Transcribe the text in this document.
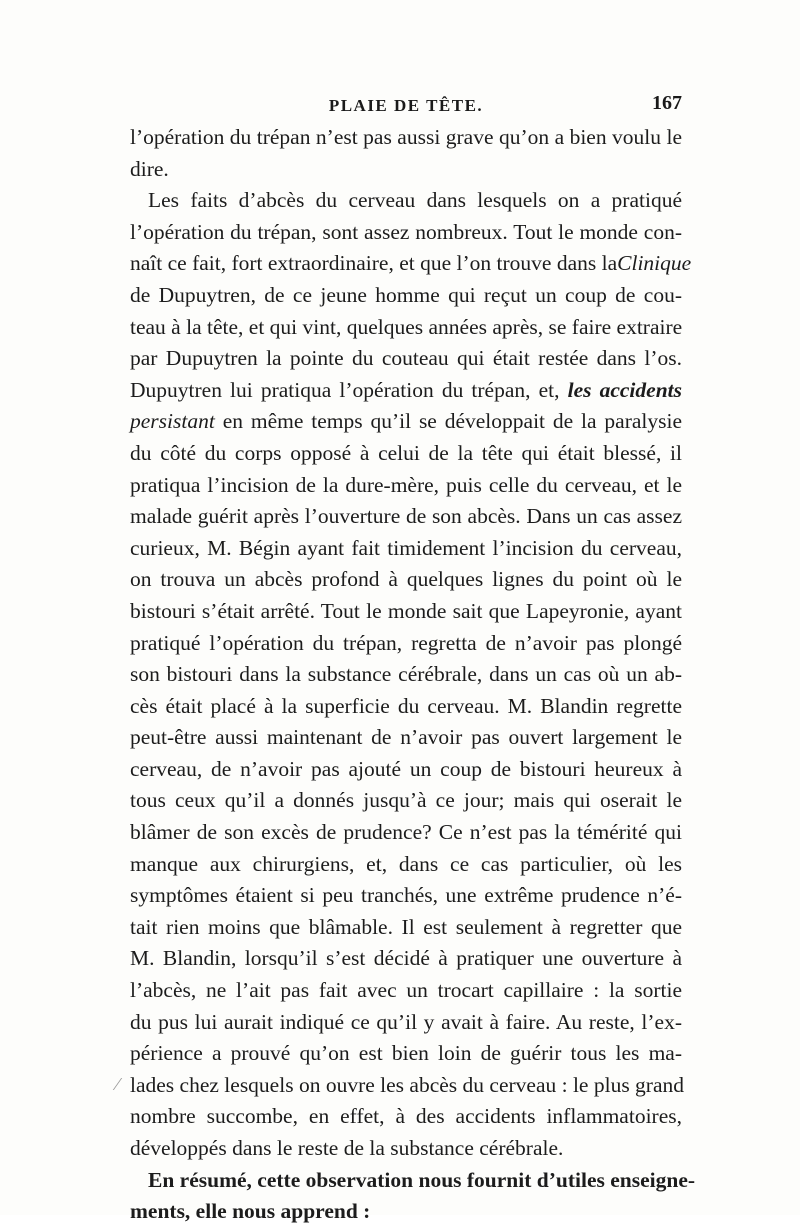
PLAIE DE TÊTE.	167
l’opération du trépan n’est pas aussi grave qu’on a bien voulu le
dire.
Les faits d’abcès du cerveau dans lesquels on a pratiqué
l’opération du trépan, sont assez nombreux. Tout le monde con-
naît ce fait, fort extraordinaire, et que l’on trouve dans laClinique
de Dupuytren, de ce jeune homme qui reçut un coup de cou-
teau à la tête, et qui vint, quelques années après, se faire extraire
par Dupuytren la pointe du couteau qui était restée dans l’os.
Dupuytren lui pratiqua l’opération du trépan, et, les accidents
persistant en même temps qu’il se développait de la paralysie
du côté du corps opposé à celui de la tête qui était blessé, il
pratiqua l’incision de la dure-mère, puis celle du cerveau, et le
malade guérit après l’ouverture de son abcès. Dans un cas assez
curieux, M. Bégin ayant fait timidement l’incision du cerveau,
on trouva un abcès profond à quelques lignes du point où le
bistouri s’était arrêté. Tout le monde sait que Lapeyronie, ayant
pratiqué l’opération du trépan, regretta de n’avoir pas plongé
son bistouri dans la substance cérébrale, dans un cas où un ab-
cès était placé à la superficie du cerveau. M. Blandin regrette
peut-être aussi maintenant de n’avoir pas ouvert largement le
cerveau, de n’avoir pas ajouté un coup de bistouri heureux à
tous ceux qu’il a donnés jusqu’à ce jour; mais qui oserait le
blâmer de son excès de prudence? Ce n’est pas la témérité qui
manque aux chirurgiens, et, dans ce cas particulier, où les
symptômes étaient si peu tranchés, une extrême prudence n’é-
tait rien moins que blâmable. Il est seulement à regretter que
M. Blandin, lorsqu’il s’est décidé à pratiquer une ouverture à
l’abcès, ne l’ait pas fait avec un trocart capillaire : la sortie
du pus lui aurait indiqué ce qu’il y avait à faire. Au reste, l’ex-
périence a prouvé qu’on est bien loin de guérir tous les ma-
lades chez lesquels on ouvre les abcès du cerveau : le plus grand
nombre succombe, en effet, à des accidents inflammatoires,
développés dans le reste de la substance cérébrale.
En résumé, cette observation nous fournit d’utiles enseigne-
ments, elle nous apprend :
